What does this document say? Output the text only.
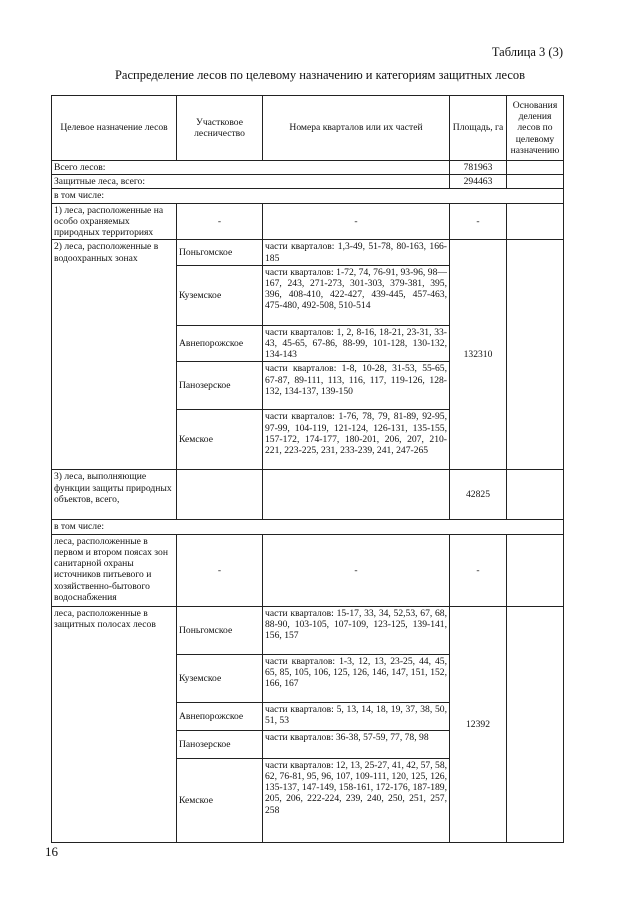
Таблица 3 (3)
Распределение лесов по целевому назначению и категориям защитных лесов
Целевое назначение лесов	Участковое лесничество	Номера кварталов или их частей	Площадь, га	Основания деления лесов по целевому назначению
Всего лесов:			781963	
Защитные леса, всего:			294463	
в том числе:				
1) леса, расположенные на особо охраняемых природных территориях	-	-	-	
2) леса, расположенные в водоохранных зонах	Поньгомское	части кварталов: 1,3-49, 51-78, 80-163, 166-185	132310	
	Куземское	части кварталов: 1-72, 74, 76-91, 93-96, 98—167, 243, 271-273, 301-303, 379-381, 395, 396, 408-410, 422-427, 439-445, 457-463, 475-480, 492-508, 510-514		
	Авнепорожское	части кварталов: 1, 2, 8-16, 18-21, 23-31, 33-43, 45-65, 67-86, 88-99, 101-128, 130-132, 134-143		
	Панозерское	части кварталов: 1-8, 10-28, 31-53, 55-65, 67-87, 89-111, 113, 116, 117, 119-126, 128-132, 134-137, 139-150		
	Кемское	части кварталов: 1-76, 78, 79, 81-89, 92-95, 97-99, 104-119, 121-124, 126-131, 135-155, 157-172, 174-177, 180-201, 206, 207, 210-221, 223-225, 231, 233-239, 241, 247-265		
3) леса, выполняющие функции защиты природных объектов, всего,			42825	
в том числе:				
леса, расположенные в первом и втором поясах зон санитарной охраны источников питьевого и хозяйственно-бытового водоснабжения	-	-	-	
леса, расположенные в защитных полосах лесов	Поньгомское	части кварталов: 15-17, 33, 34, 52,53, 67, 68, 88-90, 103-105, 107-109, 123-125, 139-141, 156, 157	12392	
	Куземское	части кварталов: 1-3, 12, 13, 23-25, 44, 45, 65, 85, 105, 106, 125, 126, 146, 147, 151, 152, 166, 167		
	Авнепорожское	части кварталов: 5, 13, 14, 18, 19, 37, 38, 50, 51, 53		
	Панозерское	части кварталов: 36-38, 57-59, 77, 78, 98		
	Кемское	части кварталов: 12, 13, 25-27, 41, 42, 57, 58, 62, 76-81, 95, 96, 107, 109-111, 120, 125, 126, 135-137, 147-149, 158-161, 172-176, 187-189, 205, 206, 222-224, 239, 240, 250, 251, 257, 258		
16
